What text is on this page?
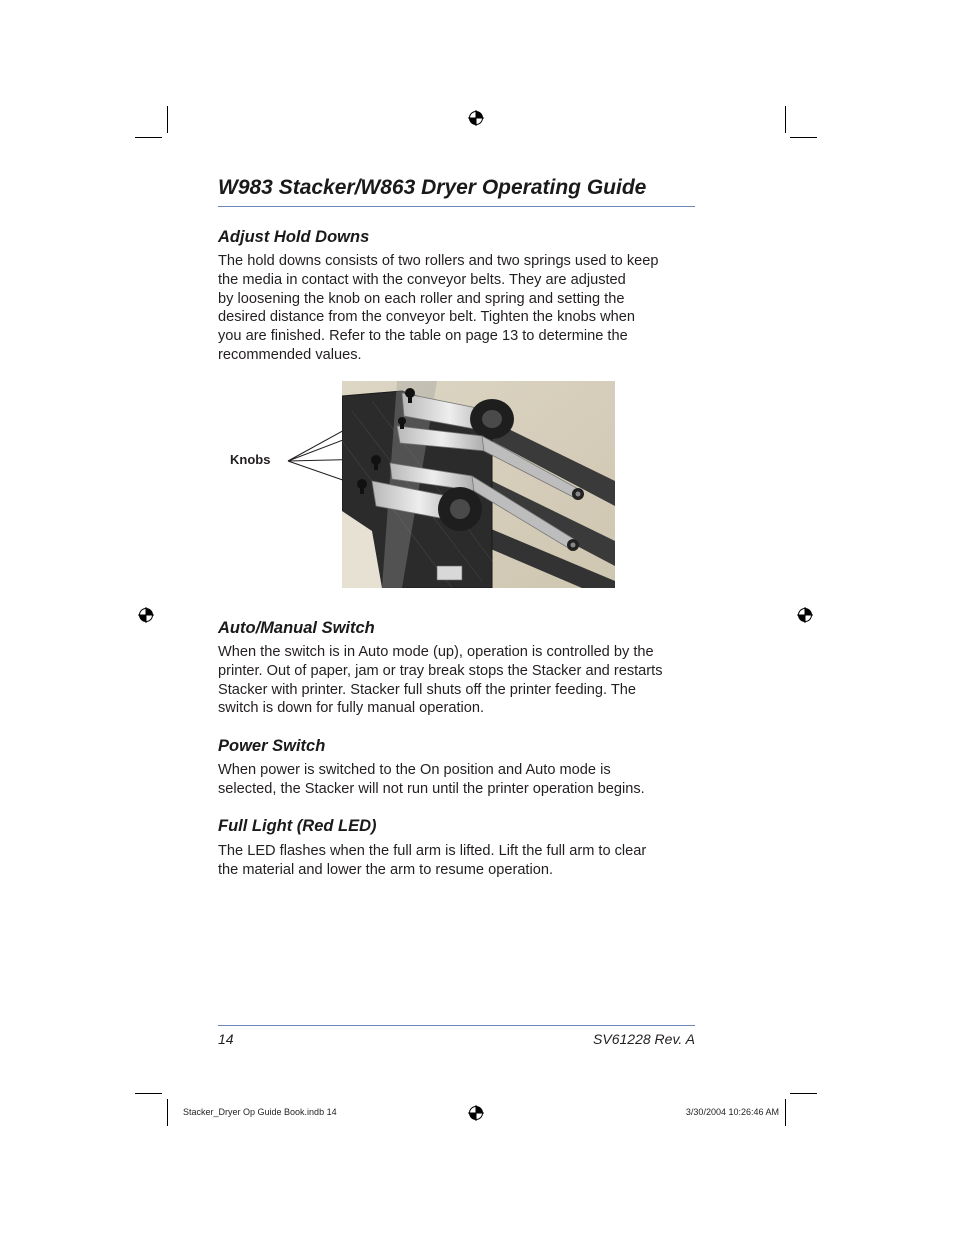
W983 Stacker/W863 Dryer Operating Guide
Adjust Hold Downs
The hold downs consists of two rollers and two springs used to keep
the media in contact with the conveyor belts. They are adjusted
by loosening the knob on each roller and spring and setting the
desired distance from the conveyor belt. Tighten the knobs when
you are finished. Refer to the table on page 13 to determine the
recommended values.
Knobs
Auto/Manual Switch
When the switch is in Auto mode (up), operation is controlled by the
printer. Out of paper, jam or tray break stops the Stacker and restarts
Stacker with printer. Stacker full shuts off the printer feeding. The
switch is down for fully manual operation.
Power Switch
When power is switched to the On position and Auto mode is
selected, the Stacker will not run until the printer operation begins.
Full Light (Red LED)
The LED flashes when the full arm is lifted. Lift the full arm to clear
the material and lower the arm to resume operation.
14	SV61228 Rev. A
Stacker_Dryer Op Guide Book.indb 14	3/30/2004 10:26:46 AM
